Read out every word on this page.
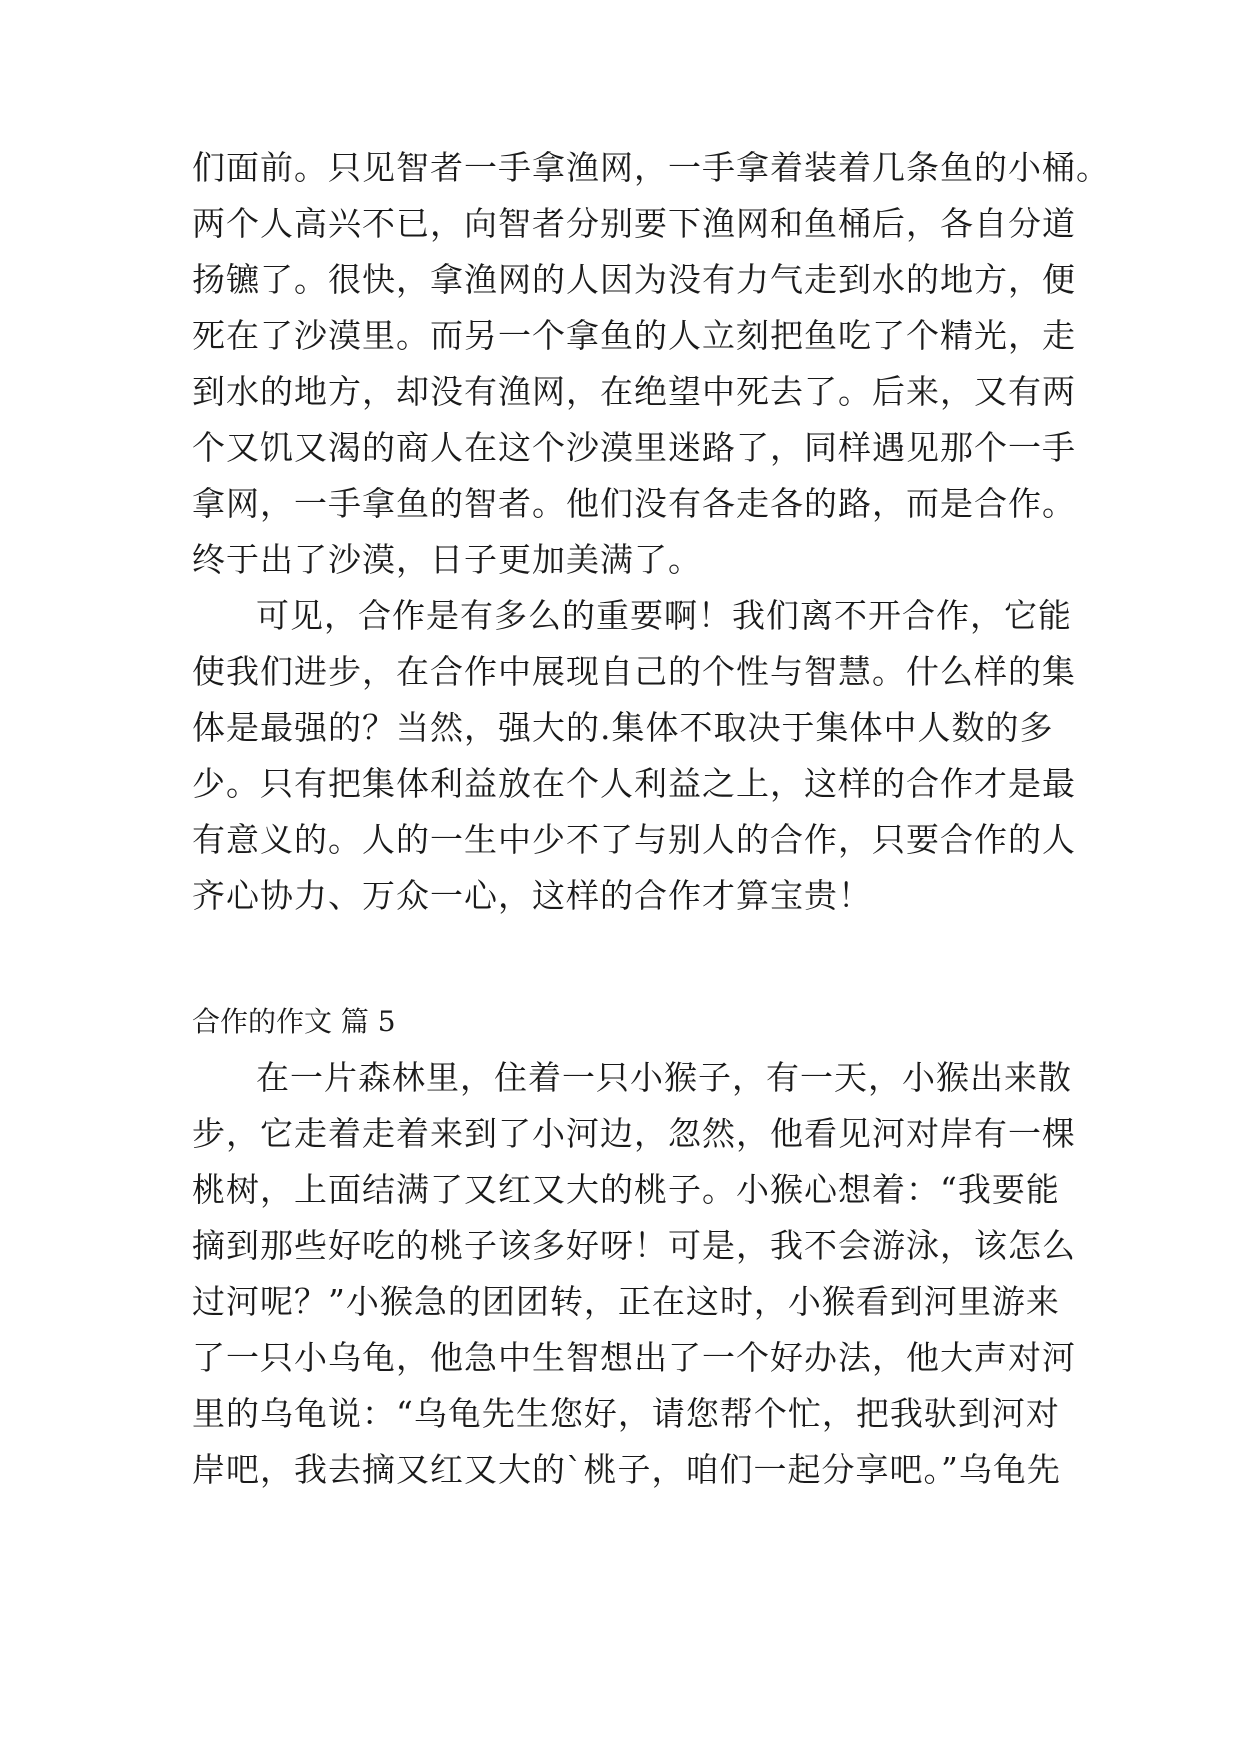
们面前。只见智者一手拿渔网，一手拿着装着几条鱼的小桶。
两个人高兴不已，向智者分别要下渔网和鱼桶后，各自分道
扬镳了。很快，拿渔网的人因为没有力气走到水的地方，便
死在了沙漠里。而另一个拿鱼的人立刻把鱼吃了个精光，走
到水的地方，却没有渔网，在绝望中死去了。后来，又有两
个又饥又渴的商人在这个沙漠里迷路了，同样遇见那个一手
拿网，一手拿鱼的智者。他们没有各走各的路，而是合作。
终于出了沙漠，日子更加美满了。
可见，合作是有多么的重要啊！我们离不开合作，它能
使我们进步，在合作中展现自己的个性与智慧。什么样的集
体是最强的？当然，强大的.集体不取决于集体中人数的多
少。只有把集体利益放在个人利益之上，这样的合作才是最
有意义的。人的一生中少不了与别人的合作，只要合作的人
齐心协力、万众一心，这样的合作才算宝贵！
合作的作文 篇 5
在一片森林里，住着一只小猴子，有一天，小猴出来散
步，它走着走着来到了小河边，忽然，他看见河对岸有一棵
桃树，上面结满了又红又大的桃子。小猴心想着：“我要能
摘到那些好吃的桃子该多好呀！可是，我不会游泳，该怎么
过河呢？”小猴急的团团转，正在这时，小猴看到河里游来
了一只小乌龟，他急中生智想出了一个好办法，他大声对河
里的乌龟说：“乌龟先生您好，请您帮个忙，把我驮到河对
岸吧，我去摘又红又大的`桃子，咱们一起分享吧。”乌龟先
